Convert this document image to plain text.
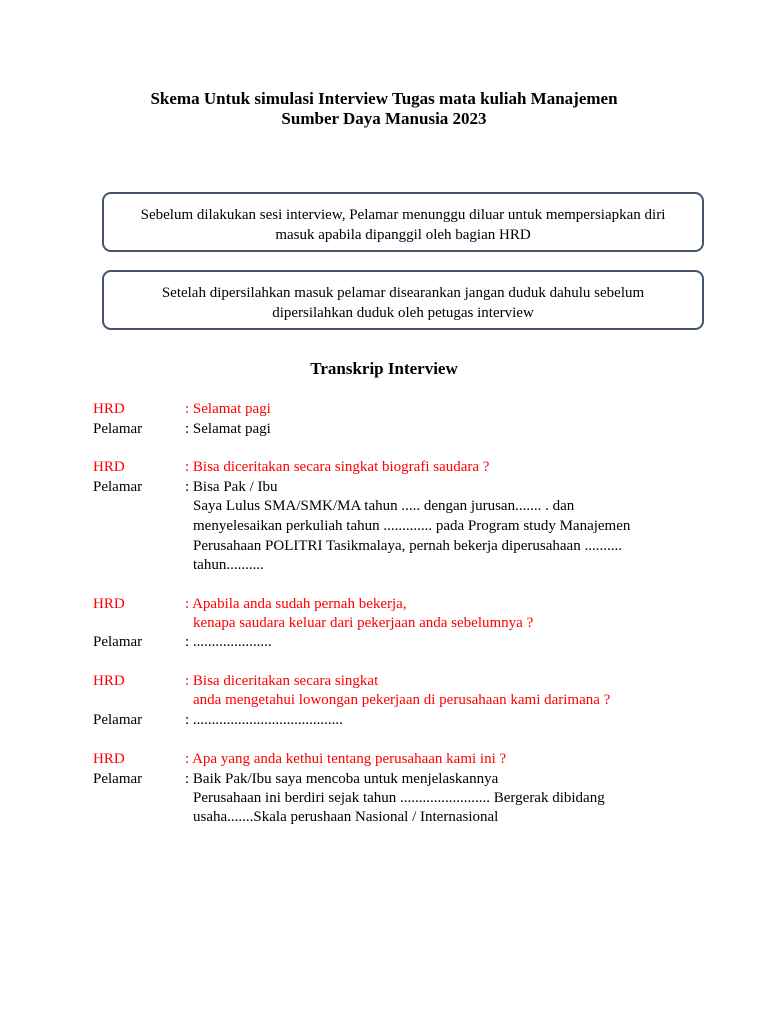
Skema Untuk simulasi Interview Tugas mata kuliah Manajemen
Sumber Daya Manusia 2023
Sebelum dilakukan sesi interview, Pelamar menunggu diluar untuk mempersiapkan diri
masuk apabila dipanggil oleh bagian HRD
Setelah dipersilahkan masuk pelamar disearankan jangan duduk dahulu sebelum
dipersilahkan duduk oleh petugas interview
Transkrip Interview
HRD	: Selamat pagi
Pelamar	: Selamat pagi
HRD	: Bisa diceritakan secara singkat biografi saudara ?
Pelamar	: Bisa Pak / Ibu
Saya Lulus SMA/SMK/MA tahun ..... dengan jurusan....... . dan
menyelesaikan perkuliah tahun ............. pada Program study Manajemen
Perusahaan POLITRI Tasikmalaya, pernah bekerja diperusahaan ..........
tahun..........
HRD	: Apabila anda sudah pernah bekerja,
kenapa saudara keluar dari pekerjaan anda sebelumnya ?
Pelamar	: .....................
HRD	: Bisa diceritakan secara singkat
anda mengetahui lowongan pekerjaan di perusahaan kami darimana ?
Pelamar	: ........................................
HRD	: Apa yang anda kethui tentang perusahaan kami ini ?
Pelamar	: Baik Pak/Ibu saya mencoba untuk menjelaskannya
Perusahaan ini berdiri sejak tahun ........................ Bergerak dibidang
usaha.......Skala perushaan Nasional / Internasional
